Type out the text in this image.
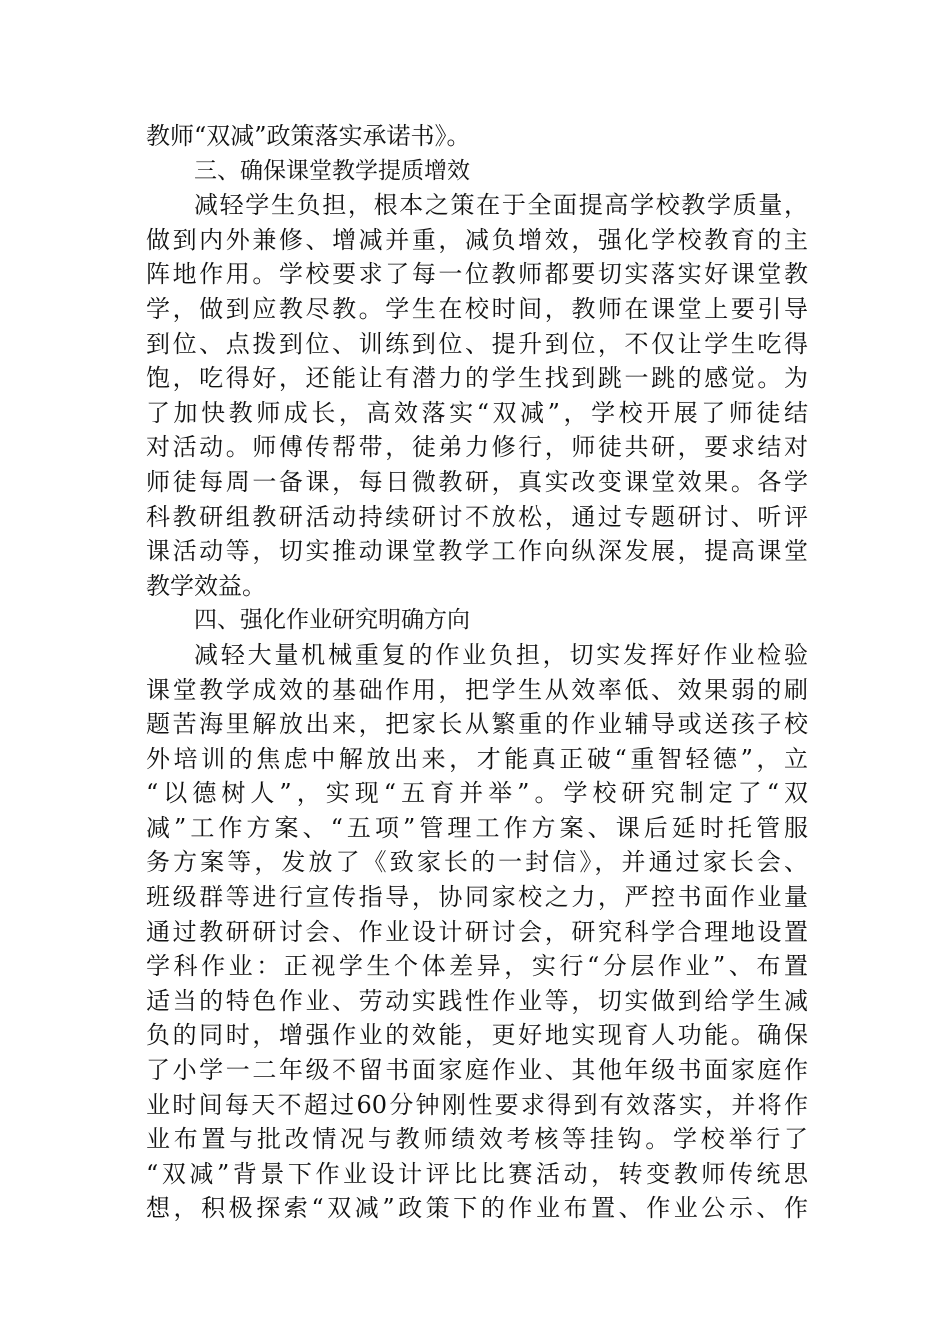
教师“双减”政策落实承诺书》。
三、确保课堂教学提质增效
减轻学生负担，根本之策在于全面提高学校教学质量，
做到内外兼修、增减并重，减负增效，强化学校教育的主
阵地作用。学校要求了每一位教师都要切实落实好课堂教
学，做到应教尽教。学生在校时间，教师在课堂上要引导
到位、点拨到位、训练到位、提升到位，不仅让学生吃得
饱，吃得好，还能让有潜力的学生找到跳一跳的感觉。为
了加快教师成长，高效落实“双减”，学校开展了师徒结
对活动。师傅传帮带，徒弟力修行，师徒共研，要求结对
师徒每周一备课，每日微教研，真实改变课堂效果。各学
科教研组教研活动持续研讨不放松，通过专题研讨、听评
课活动等，切实推动课堂教学工作向纵深发展，提高课堂
教学效益。
四、强化作业研究明确方向
减轻大量机械重复的作业负担，切实发挥好作业检验
课堂教学成效的基础作用，把学生从效率低、效果弱的刷
题苦海里解放出来，把家长从繁重的作业辅导或送孩子校
外培训的焦虑中解放出来，才能真正破“重智轻德”，立
“以德树人”，实现“五育并举”。学校研究制定了“双
减”工作方案、“五项”管理工作方案、课后延时托管服
务方案等，发放了《致家长的一封信》，并通过家长会、
班级群等进行宣传指导，协同家校之力，严控书面作业量
通过教研研讨会、作业设计研讨会，研究科学合理地设置
学科作业：正视学生个体差异，实行“分层作业”、布置
适当的特色作业、劳动实践性作业等，切实做到给学生减
负的同时，增强作业的效能，更好地实现育人功能。确保
了小学一二年级不留书面家庭作业、其他年级书面家庭作
业时间每天不超过60分钟刚性要求得到有效落实，并将作
业布置与批改情况与教师绩效考核等挂钩。学校举行了
“双减”背景下作业设计评比比赛活动，转变教师传统思
想，积极探索“双减”政策下的作业布置、作业公示、作
